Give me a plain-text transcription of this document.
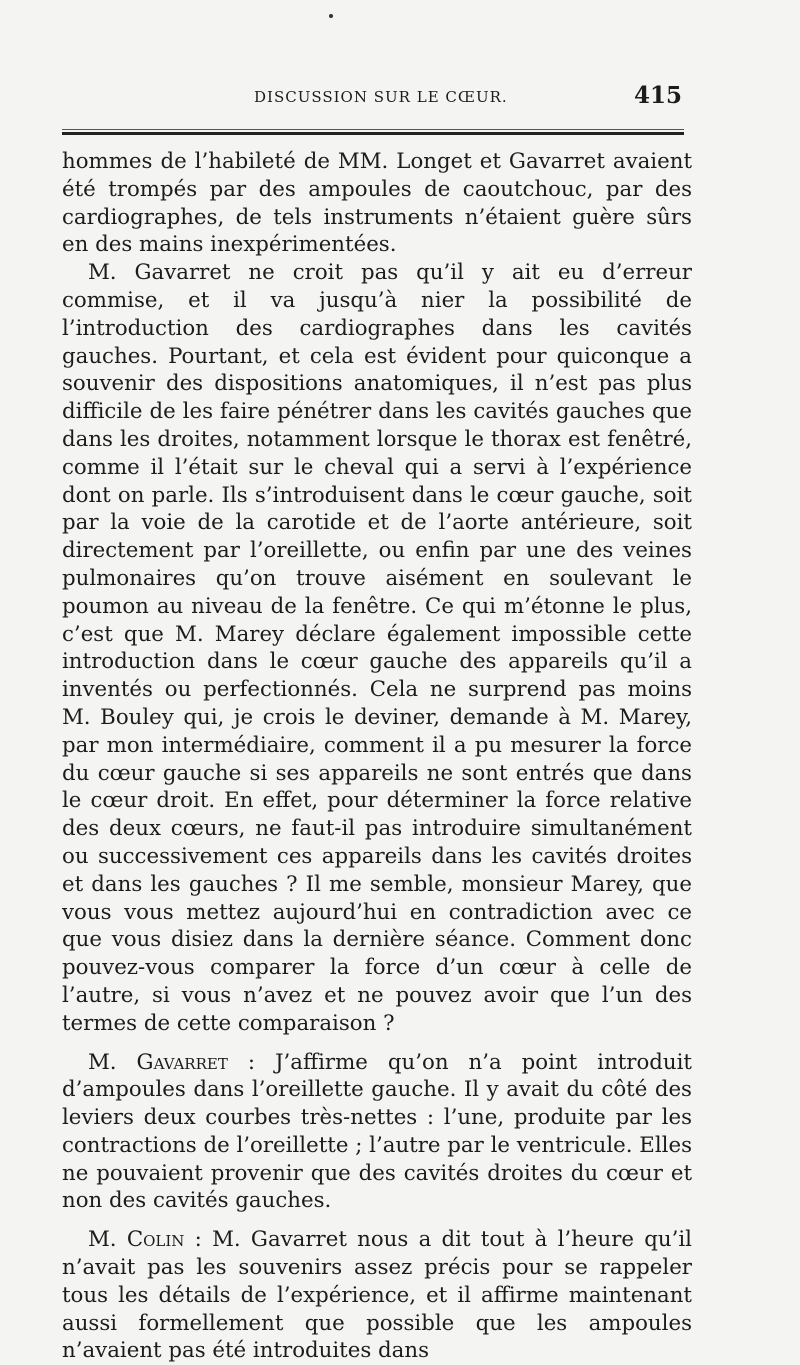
DISCUSSION SUR LE CŒUR.	415

hommes de l’habileté de MM. Longet et Gavarret avaient été trompés par des ampoules de caoutchouc, par des cardiographes, de tels instruments n’étaient guère sûrs en des mains inexpérimentées.

M. Gavarret ne croit pas qu’il y ait eu d’erreur commise, et il va jusqu’à nier la possibilité de l’introduction des cardiographes dans les cavités gauches. Pourtant, et cela est évident pour quiconque a souvenir des dispositions anatomiques, il n’est pas plus difficile de les faire pénétrer dans les cavités gauches que dans les droites, notamment lorsque le thorax est fenêtré, comme il l’était sur le cheval qui a servi à l’expérience dont on parle. Ils s’introduisent dans le cœur gauche, soit par la voie de la carotide et de l’aorte antérieure, soit directement par l’oreillette, ou enfin par une des veines pulmonaires qu’on trouve aisément en soulevant le poumon au niveau de la fenêtre. Ce qui m’étonne le plus, c’est que M. Marey déclare également impossible cette introduction dans le cœur gauche des appareils qu’il a inventés ou perfectionnés. Cela ne surprend pas moins M. Bouley qui, je crois le deviner, demande à M. Marey, par mon intermédiaire, comment il a pu mesurer la force du cœur gauche si ses appareils ne sont entrés que dans le cœur droit. En effet, pour déterminer la force relative des deux cœurs, ne faut-il pas introduire simultanément ou successivement ces appareils dans les cavités droites et dans les gauches ? Il me semble, monsieur Marey, que vous vous mettez aujourd’hui en contradiction avec ce que vous disiez dans la dernière séance. Comment donc pouvez-vous comparer la force d’un cœur à celle de l’autre, si vous n’avez et ne pouvez avoir que l’un des termes de cette comparaison ?

M. Gavarret : J’affirme qu’on n’a point introduit d’ampoules dans l’oreillette gauche. Il y avait du côté des leviers deux courbes très-nettes : l’une, produite par les contractions de l’oreillette ; l’autre par le ventricule. Elles ne pouvaient provenir que des cavités droites du cœur et non des cavités gauches.

M. Colin : M. Gavarret nous a dit tout à l’heure qu’il n’avait pas les souvenirs assez précis pour se rappeler tous les détails de l’expérience, et il affirme maintenant aussi formellement que possible que les ampoules n’avaient pas été introduites dans
